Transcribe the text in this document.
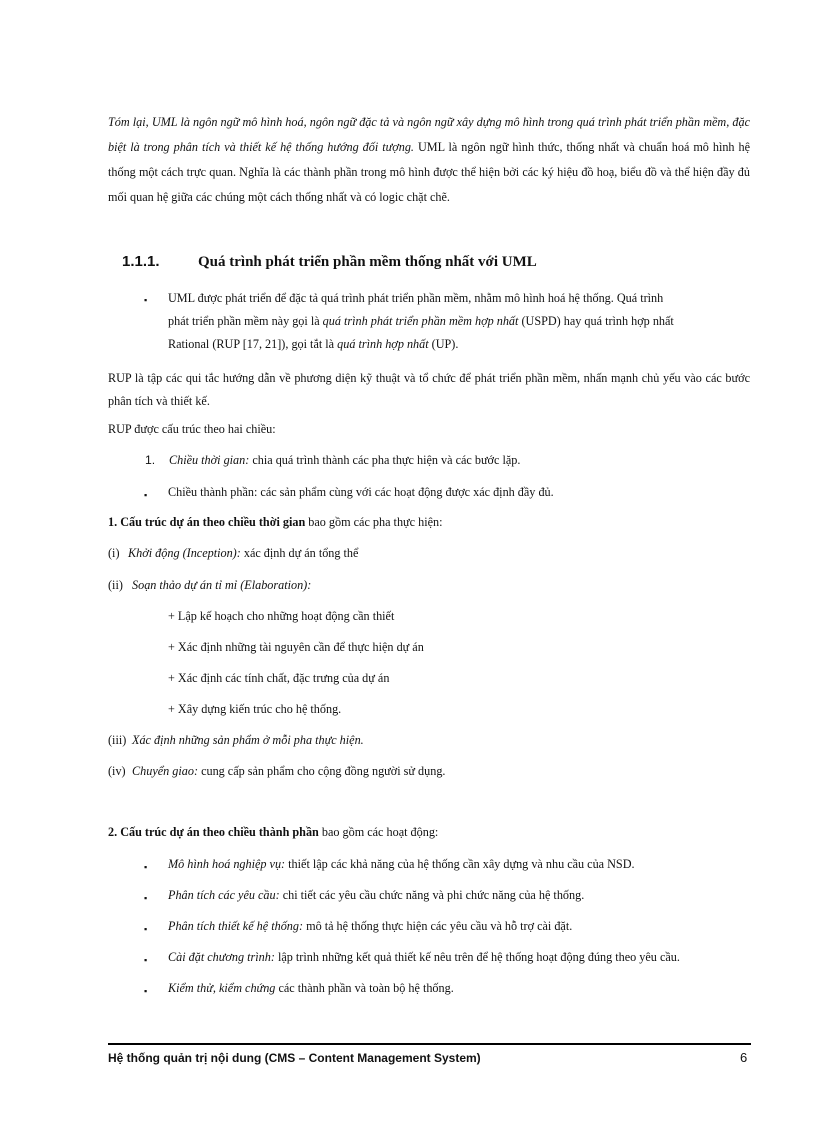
Tóm lại, UML là ngôn ngữ mô hình hoá, ngôn ngữ đặc tả và ngôn ngữ xây dựng mô hình trong quá trình phát triển phần mềm, đặc biệt là trong phân tích và thiết kế hệ thống hướng đối tượng. UML là ngôn ngữ hình thức, thống nhất và chuẩn hoá mô hình hệ thống một cách trực quan. Nghĩa là các thành phần trong mô hình được thể hiện bởi các ký hiệu đồ hoạ, biểu đồ và thể hiện đầy đủ mối quan hệ giữa các chúng một cách thống nhất và có logic chặt chẽ.
1.1.1.	Quá trình phát triển phần mềm thống nhất với UML
▪ UML được phát triển để đặc tả quá trình phát triển phần mềm, nhằm mô hình hoá hệ thống. Quá trình
phát triển phần mềm này gọi là quá trình phát triển phần mềm hợp nhất (USPD) hay quá trình hợp nhất
Rational (RUP [17, 21]), gọi tắt là quá trình hợp nhất (UP).
RUP là tập các qui tắc hướng dẫn về phương diện kỹ thuật và tổ chức để phát triển phần mềm, nhấn mạnh chủ yếu vào các bước phân tích và thiết kế.
RUP được cấu trúc theo hai chiều:
1. Chiều thời gian: chia quá trình thành các pha thực hiện và các bước lặp.
▪ Chiều thành phần: các sản phẩm cùng với các hoạt động được xác định đầy đủ.
1. Cấu trúc dự án theo chiều thời gian bao gồm các pha thực hiện:
(i) Khởi động (Inception): xác định dự án tổng thể
(ii) Soạn thảo dự án tỉ mỉ (Elaboration):
+ Lập kế hoạch cho những hoạt động cần thiết
+ Xác định những tài nguyên cần để thực hiện dự án
+ Xác định các tính chất, đặc trưng của dự án
+ Xây dựng kiến trúc cho hệ thống.
(iii) Xác định những sản phẩm ở mỗi pha thực hiện.
(iv) Chuyển giao: cung cấp sản phẩm cho cộng đồng người sử dụng.
2. Cấu trúc dự án theo chiều thành phần bao gồm các hoạt động:
▪ Mô hình hoá nghiệp vụ: thiết lập các khả năng của hệ thống cần xây dựng và nhu cầu của NSD.
▪ Phân tích các yêu cầu: chi tiết các yêu cầu chức năng và phi chức năng của hệ thống.
▪ Phân tích thiết kế hệ thống: mô tả hệ thống thực hiện các yêu cầu và hỗ trợ cài đặt.
▪ Cài đặt chương trình: lập trình những kết quả thiết kế nêu trên để hệ thống hoạt động đúng theo yêu cầu.
▪ Kiểm thử, kiểm chứng các thành phần và toàn bộ hệ thống.
Hệ thống quản trị nội dung (CMS – Content Management System)	6
